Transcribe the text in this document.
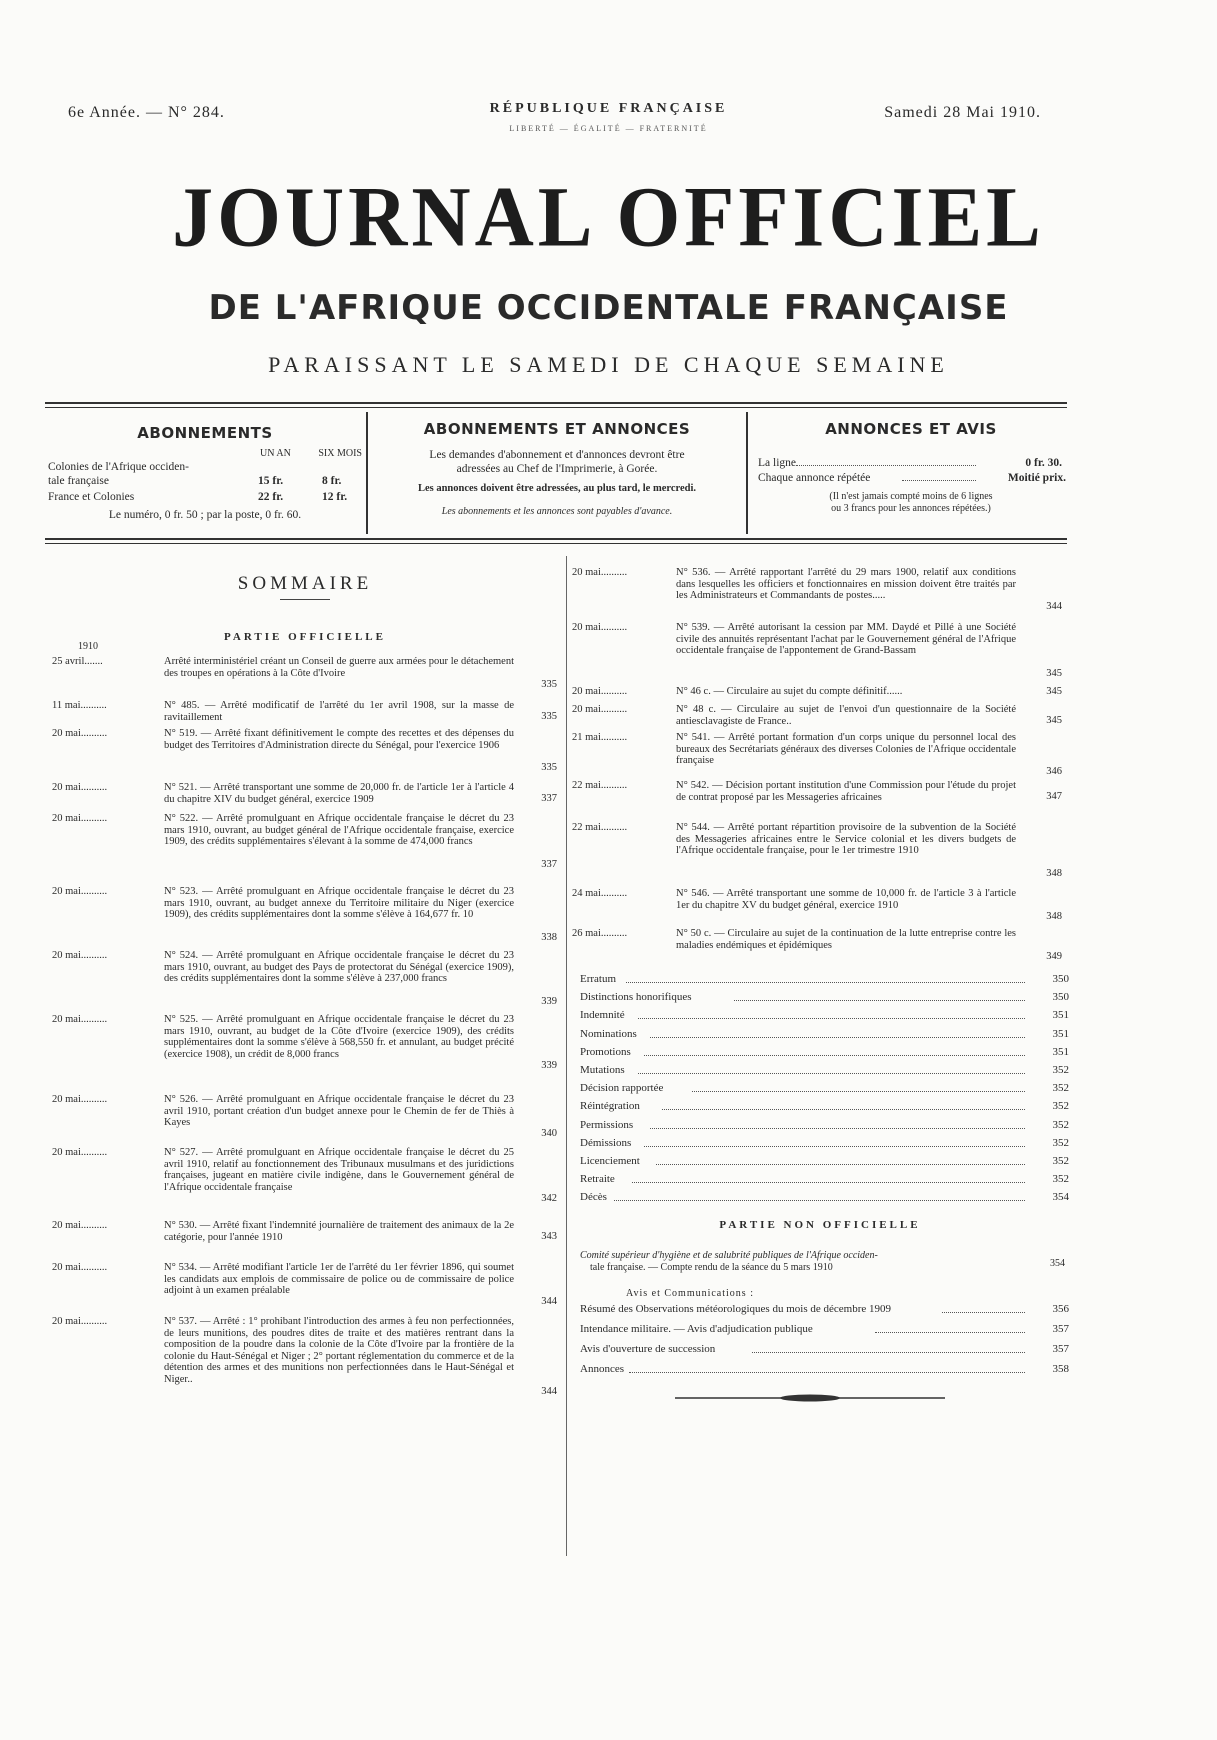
6e Année. — N° 284.	RÉPUBLIQUE FRANÇAISE
LIBERTÉ — ÉGALITÉ — FRATERNITÉ
Samedi 28 Mai 1910.
JOURNAL OFFICIEL
DE L'AFRIQUE OCCIDENTALE FRANÇAISE
PARAISSANT LE SAMEDI DE CHAQUE SEMAINE
ABONNEMENTS
UN AN	SIX MOIS
Colonies de l'Afrique occiden-
tale française	15 fr.	8 fr.
France et Colonies	22 fr.	12 fr.
Le numéro, 0 fr. 50 ; par la poste, 0 fr. 60.
ABONNEMENTS ET ANNONCES
Les demandes d'abonnement et d'annonces devront être
adressées au Chef de l'Imprimerie, à Gorée.
Les annonces doivent être adressées, au plus tard, le mercredi.
Les abonnements et les annonces sont payables d'avance.
ANNONCES ET AVIS
La ligne	0 fr. 30.
Chaque annonce répétée	Moitié prix.
(Il n'est jamais compté moins de 6 lignes
ou 3 francs pour les annonces répétées.)
SOMMAIRE
PARTIE OFFICIELLE
1910
25 avril.......	Arrêté interministériel créant un Conseil de guerre aux armées pour le détachement des troupes en opérations à la Côte d'Ivoire
335
11 mai..........	N° 485. — Arrêté modificatif de l'arrêté du 1er avril 1908, sur la masse de ravitaillement	335
20 mai..........	N° 519. — Arrêté fixant définitivement le compte des recettes et des dépenses du budget des Territoires d'Administration directe du Sénégal, pour l'exercice 1906
335
20 mai..........	N° 521. — Arrêté transportant une somme de 20,000 fr. de l'article 1er à l'article 4 du chapitre XIV du budget général, exercice 1909	337
20 mai..........	N° 522. — Arrêté promulguant en Afrique occidentale française le décret du 23 mars 1910, ouvrant, au budget général de l'Afrique occidentale française, exercice 1909, des crédits supplémentaires s'élevant à la somme de 474,000 francs
337
20 mai..........	N° 523. — Arrêté promulguant en Afrique occidentale française le décret du 23 mars 1910, ouvrant, au budget annexe du Territoire militaire du Niger (exercice 1909), des crédits supplémentaires dont la somme s'élève à 164,677 fr. 10
338
20 mai..........	N° 524. — Arrêté promulguant en Afrique occidentale française le décret du 23 mars 1910, ouvrant, au budget des Pays de protectorat du Sénégal (exercice 1909), des crédits supplémentaires dont la somme s'élève à 237,000 francs
339
20 mai..........	N° 525. — Arrêté promulguant en Afrique occidentale française le décret du 23 mars 1910, ouvrant, au budget de la Côte d'Ivoire (exercice 1909), des crédits supplémentaires dont la somme s'élève à 568,550 fr. et annulant, au budget précité (exercice 1908), un crédit de 8,000 francs
339
20 mai..........	N° 526. — Arrêté promulguant en Afrique occidentale française le décret du 23 avril 1910, portant création d'un budget annexe pour le Chemin de fer de Thiès à Kayes
340
20 mai..........	N° 527. — Arrêté promulguant en Afrique occidentale française le décret du 25 avril 1910, relatif au fonctionnement des Tribunaux musulmans et des juridictions françaises, jugeant en matière civile indigène, dans le Gouvernement général de l'Afrique occidentale française
342
20 mai..........	N° 530. — Arrêté fixant l'indemnité journalière de traitement des animaux de la 2e catégorie, pour l'année 1910	343
20 mai..........	N° 534. — Arrêté modifiant l'article 1er de l'arrêté du 1er février 1896, qui soumet les candidats aux emplois de commissaire de police ou de commissaire de police adjoint à un examen préalable
344
20 mai..........	N° 537. — Arrêté : 1° prohibant l'introduction des armes à feu non perfectionnées, de leurs munitions, des poudres dites de traite et des matières rentrant dans la composition de la poudre dans la colonie de la Côte d'Ivoire par la frontière de la colonie du Haut-Sénégal et Niger ; 2° portant réglementation du commerce et de la détention des armes et des munitions non perfectionnées dans le Haut-Sénégal et Niger..
344
20 mai..........	N° 536. — Arrêté rapportant l'arrêté du 29 mars 1900, relatif aux conditions dans lesquelles les officiers et fonctionnaires en mission doivent être traités par les Administrateurs et Commandants de postes.....
344
20 mai..........	N° 539. — Arrêté autorisant la cession par MM. Daydé et Pillé à une Société civile des annuités représentant l'achat par le Gouvernement général de l'Afrique occidentale française de l'appontement de Grand-Bassam
345
20 mai..........	N° 46 c. — Circulaire au sujet du compte définitif......	345
20 mai..........	N° 48 c. — Circulaire au sujet de l'envoi d'un questionnaire de la Société antiesclavagiste de France..	345
21 mai..........	N° 541. — Arrêté portant formation d'un corps unique du personnel local des bureaux des Secrétariats généraux des diverses Colonies de l'Afrique occidentale française
346
22 mai..........	N° 542. — Décision portant institution d'une Commission pour l'étude du projet de contrat proposé par les Messageries africaines	347
22 mai..........	N° 544. — Arrêté portant répartition provisoire de la subvention de la Société des Messageries africaines entre le Service colonial et les divers budgets de l'Afrique occidentale française, pour le 1er trimestre 1910
348
24 mai..........	N° 546. — Arrêté transportant une somme de 10,000 fr. de l'article 3 à l'article 1er du chapitre XV du budget général, exercice 1910
348
26 mai..........	N° 50 c. — Circulaire au sujet de la continuation de la lutte entreprise contre les maladies endémiques et épidémiques
349
Erratum	350
Distinctions honorifiques	350
Indemnité	351
Nominations	351
Promotions	351
Mutations	352
Décision rapportée	352
Réintégration	352
Permissions	352
Démissions	352
Licenciement	352
Retraite	352
Décès	354
PARTIE NON OFFICIELLE
Comité supérieur d'hygiène et de salubrité publiques de l'Afrique occiden-
tale française. — Compte rendu de la séance du 5 mars 1910	354
Avis et Communications :
Résumé des Observations météorologiques du mois de décembre 1909	356
Intendance militaire. — Avis d'adjudication publique	357
Avis d'ouverture de succession	357
Annonces	358
